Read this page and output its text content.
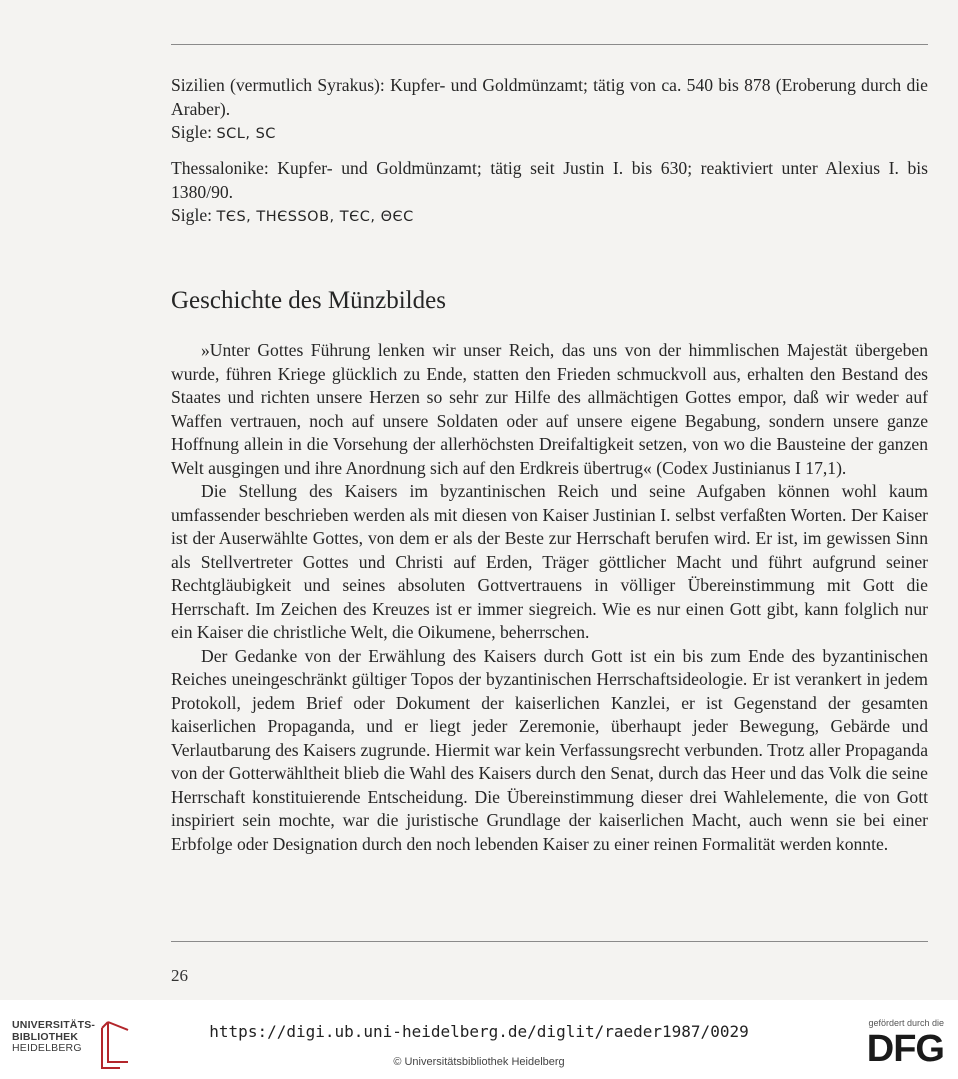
Sizilien (vermutlich Syrakus): Kupfer- und Goldmünzamt; tätig von ca. 540 bis 878 (Eroberung durch die Araber).

Sigle: SCL, SC

Thessalonike: Kupfer- und Goldmünzamt; tätig seit Justin I. bis 630; reaktiviert unter Alexius I. bis 1380/90.

Sigle: TЄS, THЄSSOB, TЄC, ΘЄC

Geschichte des Münzbildes

»Unter Gottes Führung lenken wir unser Reich, das uns von der himmlischen Majestät übergeben wurde, führen Kriege glücklich zu Ende, statten den Frieden schmuckvoll aus, erhalten den Bestand des Staates und richten unsere Herzen so sehr zur Hilfe des allmächtigen Gottes empor, daß wir weder auf Waffen vertrauen, noch auf unsere Soldaten oder auf unsere eigene Begabung, sondern unsere ganze Hoffnung allein in die Vorsehung der allerhöchsten Dreifaltigkeit setzen, von wo die Bausteine der ganzen Welt ausgingen und ihre Anordnung sich auf den Erdkreis übertrug« (Codex Justinianus I 17,1).

Die Stellung des Kaisers im byzantinischen Reich und seine Aufgaben können wohl kaum umfassender beschrieben werden als mit diesen von Kaiser Justinian I. selbst verfaßten Worten. Der Kaiser ist der Auserwählte Gottes, von dem er als der Beste zur Herrschaft berufen wird. Er ist, im gewissen Sinn als Stellvertreter Gottes und Christi auf Erden, Träger göttlicher Macht und führt aufgrund seiner Rechtgläubigkeit und seines absoluten Gottvertrauens in völliger Übereinstimmung mit Gott die Herrschaft. Im Zeichen des Kreuzes ist er immer siegreich. Wie es nur einen Gott gibt, kann folglich nur ein Kaiser die christliche Welt, die Oikumene, beherrschen.

Der Gedanke von der Erwählung des Kaisers durch Gott ist ein bis zum Ende des byzantinischen Reiches uneingeschränkt gültiger Topos der byzantinischen Herrschaftsideologie. Er ist verankert in jedem Protokoll, jedem Brief oder Dokument der kaiserlichen Kanzlei, er ist Gegenstand der gesamten kaiserlichen Propaganda, und er liegt jeder Zeremonie, überhaupt jeder Bewegung, Gebärde und Verlautbarung des Kaisers zugrunde. Hiermit war kein Verfassungsrecht verbunden. Trotz aller Propaganda von der Gotterwähltheit blieb die Wahl des Kaisers durch den Senat, durch das Heer und das Volk die seine Herrschaft konstituierende Entscheidung. Die Übereinstimmung dieser drei Wahlelemente, die von Gott inspiriert sein mochte, war die juristische Grundlage der kaiserlichen Macht, auch wenn sie bei einer Erbfolge oder Designation durch den noch lebenden Kaiser zu einer reinen Formalität werden konnte.

26
UNIVERSITÄTS-
BIBLIOTHEK
HEIDELBERG
https://digi.ub.uni-heidelberg.de/diglit/raeder1987/0029
© Universitätsbibliothek Heidelberg
gefördert durch die
DFG
